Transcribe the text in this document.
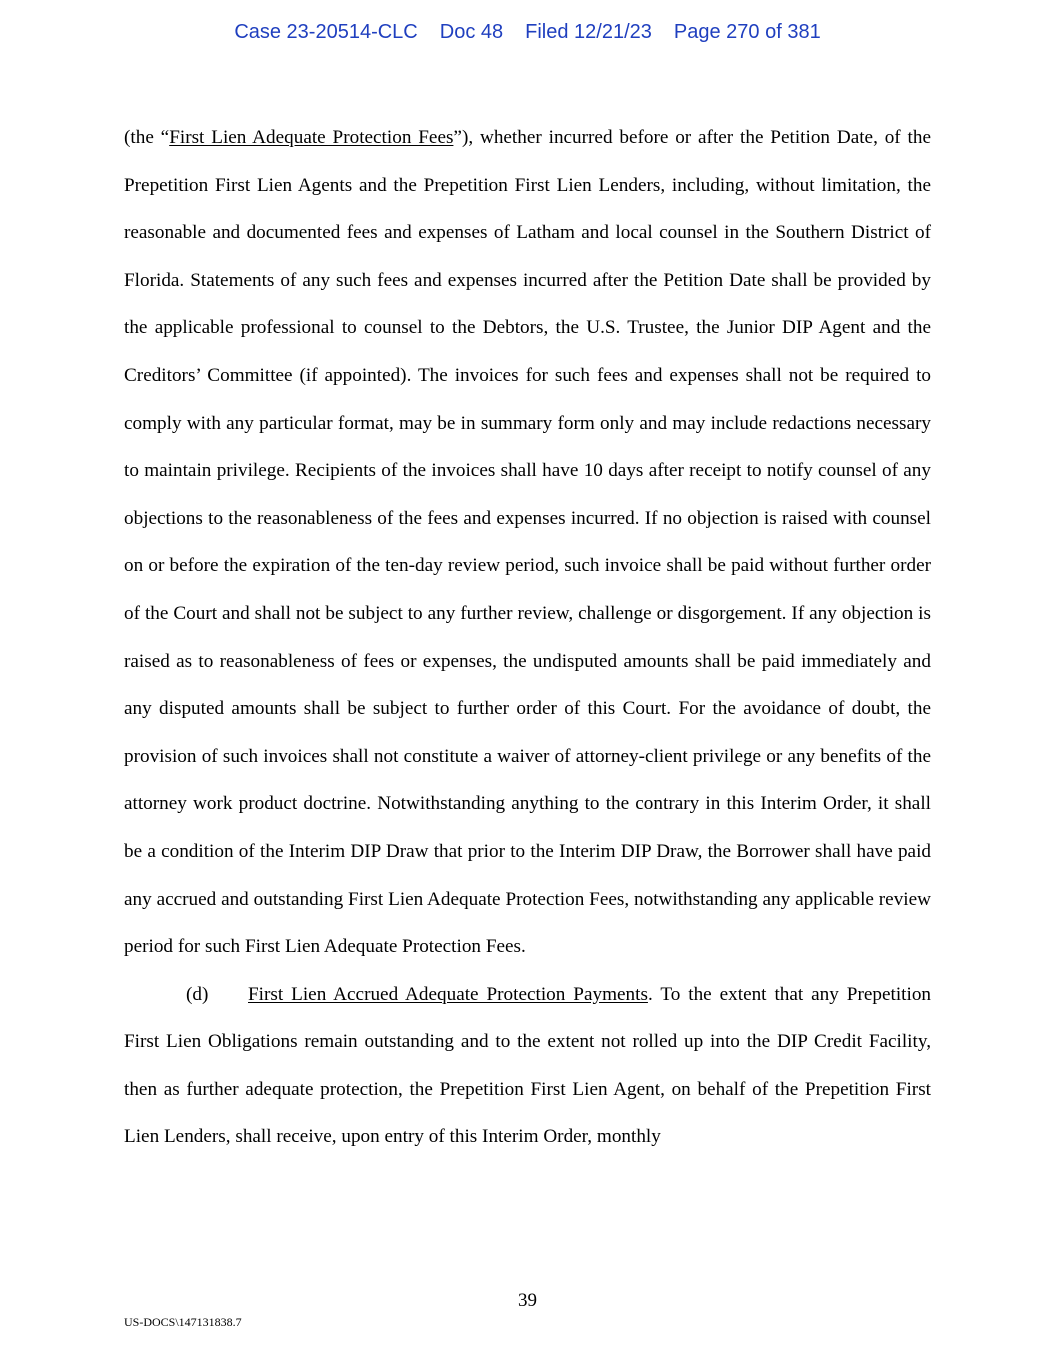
Case 23-20514-CLC Doc 48 Filed 12/21/23 Page 270 of 381

(the “First Lien Adequate Protection Fees”), whether incurred before or after the Petition Date, of the Prepetition First Lien Agents and the Prepetition First Lien Lenders, including, without limitation, the reasonable and documented fees and expenses of Latham and local counsel in the Southern District of Florida. Statements of any such fees and expenses incurred after the Petition Date shall be provided by the applicable professional to counsel to the Debtors, the U.S. Trustee, the Junior DIP Agent and the Creditors’ Committee (if appointed). The invoices for such fees and expenses shall not be required to comply with any particular format, may be in summary form only and may include redactions necessary to maintain privilege. Recipients of the invoices shall have 10 days after receipt to notify counsel of any objections to the reasonableness of the fees and expenses incurred. If no objection is raised with counsel on or before the expiration of the ten-day review period, such invoice shall be paid without further order of the Court and shall not be subject to any further review, challenge or disgorgement. If any objection is raised as to reasonableness of fees or expenses, the undisputed amounts shall be paid immediately and any disputed amounts shall be subject to further order of this Court. For the avoidance of doubt, the provision of such invoices shall not constitute a waiver of attorney-client privilege or any benefits of the attorney work product doctrine. Notwithstanding anything to the contrary in this Interim Order, it shall be a condition of the Interim DIP Draw that prior to the Interim DIP Draw, the Borrower shall have paid any accrued and outstanding First Lien Adequate Protection Fees, notwithstanding any applicable review period for such First Lien Adequate Protection Fees.

(d) First Lien Accrued Adequate Protection Payments. To the extent that any Prepetition First Lien Obligations remain outstanding and to the extent not rolled up into the DIP Credit Facility, then as further adequate protection, the Prepetition First Lien Agent, on behalf of the Prepetition First Lien Lenders, shall receive, upon entry of this Interim Order, monthly

39
US-DOCS\147131838.7
